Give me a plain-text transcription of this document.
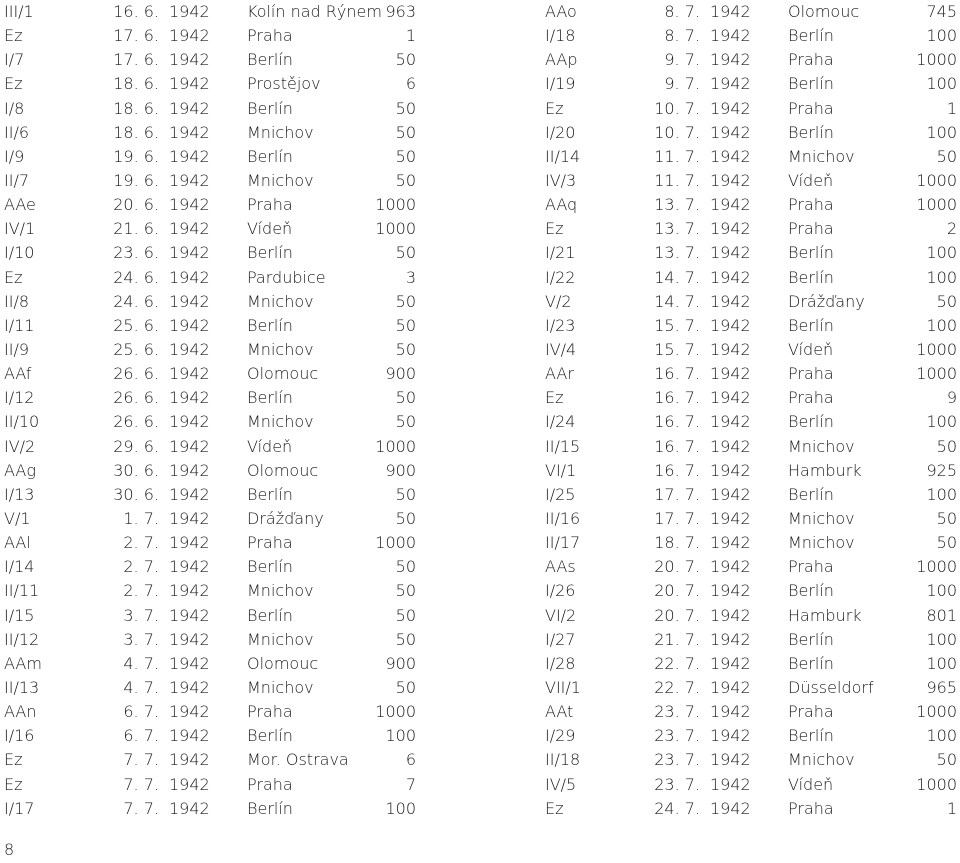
III/1	16. 6. 1942 Kolín nad Rýnem 963
Ez	17. 6. 1942 Praha	1
I/7	17. 6. 1942 Berlín	50
Ez	18. 6. 1942 Prostějov	6
I/8	18. 6. 1942 Berlín	50
II/6	18. 6. 1942 Mnichov	50
I/9	19. 6. 1942 Berlín	50
II/7	19. 6. 1942 Mnichov	50
AAe	20. 6. 1942 Praha	1000
IV/1	21. 6. 1942 Vídeň	1000
I/10	23. 6. 1942 Berlín	50
Ez	24. 6. 1942 Pardubice	3
II/8	24. 6. 1942 Mnichov	50
I/11	25. 6. 1942 Berlín	50
II/9	25. 6. 1942 Mnichov	50
AAf	26. 6. 1942 Olomouc	900
I/12	26. 6. 1942 Berlín	50
II/10	26. 6. 1942 Mnichov	50
IV/2	29. 6. 1942 Vídeň	1000
AAg	30. 6. 1942 Olomouc	900
I/13	30. 6. 1942 Berlín	50
V/1	1. 7. 1942 Drážďany	50
AAl	2. 7. 1942 Praha	1000
I/14	2. 7. 1942 Berlín	50
II/11	2. 7. 1942 Mnichov	50
I/15	3. 7. 1942 Berlín	50
II/12	3. 7. 1942 Mnichov	50
AAm	4. 7. 1942 Olomouc	900
II/13	4. 7. 1942 Mnichov	50
AAn	6. 7. 1942 Praha	1000
I/16	6. 7. 1942 Berlín	100
Ez	7. 7. 1942 Mor. Ostrava	6
Ez	7. 7. 1942 Praha	7
I/17	7. 7. 1942 Berlín	100
AAo	8. 7. 1942 Olomouc	745
I/18	8. 7. 1942 Berlín	100
AAp	9. 7. 1942 Praha	1000
I/19	9. 7. 1942 Berlín	100
Ez	10. 7. 1942 Praha	1
I/20	10. 7. 1942 Berlín	100
II/14	11. 7. 1942 Mnichov	50
IV/3	11. 7. 1942 Vídeň	1000
AAq	13. 7. 1942 Praha	1000
Ez	13. 7. 1942 Praha	2
I/21	13. 7. 1942 Berlín	100
I/22	14. 7. 1942 Berlín	100
V/2	14. 7. 1942 Drážďany	50
I/23	15. 7. 1942 Berlín	100
IV/4	15. 7. 1942 Vídeň	1000
AAr	16. 7. 1942 Praha	1000
Ez	16. 7. 1942 Praha	9
I/24	16. 7. 1942 Berlín	100
II/15	16. 7. 1942 Mnichov	50
VI/1	16. 7. 1942 Hamburk	925
I/25	17. 7. 1942 Berlín	100
II/16	17. 7. 1942 Mnichov	50
II/17	18. 7. 1942 Mnichov	50
AAs	20. 7. 1942 Praha	1000
I/26	20. 7. 1942 Berlín	100
VI/2	20. 7. 1942 Hamburk	801
I/27	21. 7. 1942 Berlín	100
I/28	22. 7. 1942 Berlín	100
VII/1	22. 7. 1942 Düsseldorf	965
AAt	23. 7. 1942 Praha	1000
I/29	23. 7. 1942 Berlín	100
II/18	23. 7. 1942 Mnichov	50
IV/5	23. 7. 1942 Vídeň	1000
Ez	24. 7. 1942 Praha	1
8
